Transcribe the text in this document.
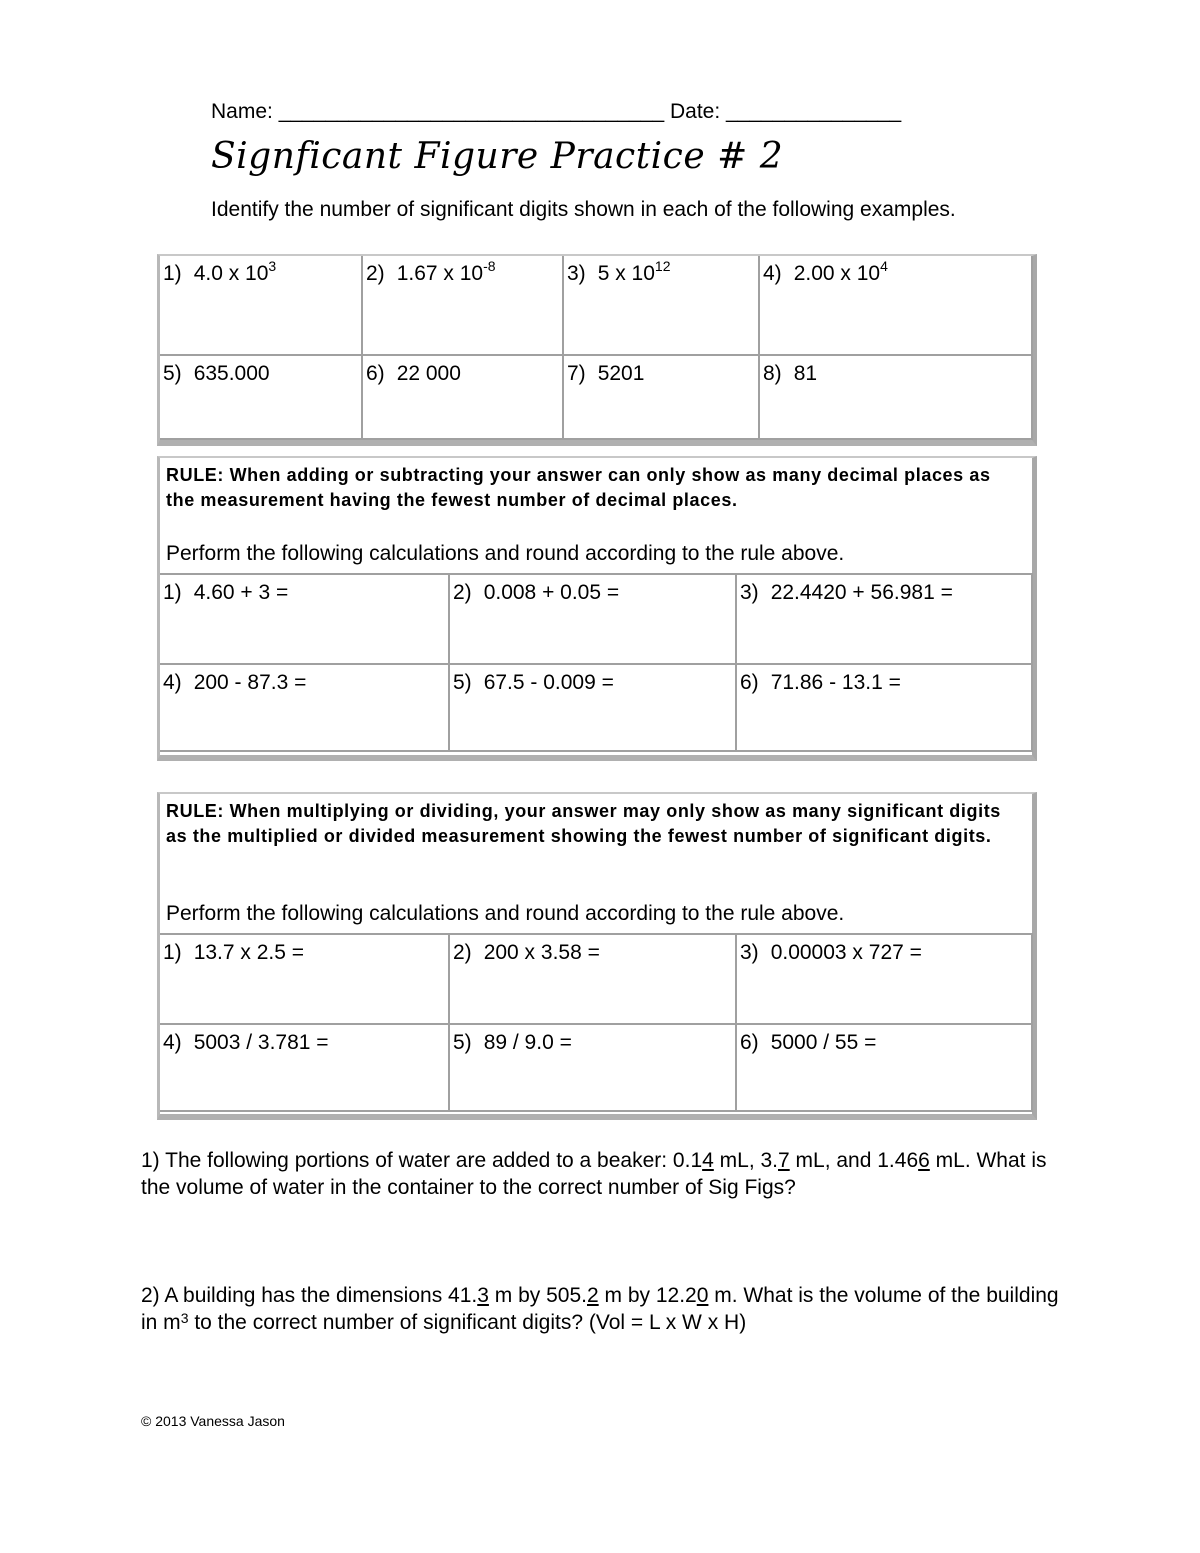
Name: _________________________________ Date: _______________
Signficant Figure Practice # 2
Identify the number of significant digits shown in each of the following examples.
1) 4.0 x $10^3$	2) 1.67 x $10^{-8}$	3) 5 x $10^{12}$	4) 2.00 x $10^4$
5) 635.000	6) 22 000	7) 5201	8) 81
RULE: When adding or subtracting your answer can only show as many decimal places as the measurement having the fewest number of decimal places.
Perform the following calculations and round according to the rule above.
1) 4.60 + 3 =	2) 0.008 + 0.05 =	3) 22.4420 + 56.981 =
4) 200 - 87.3 =	5) 67.5 - 0.009 =	6) 71.86 - 13.1 =
RULE: When multiplying or dividing, your answer may only show as many significant digits as the multiplied or divided measurement showing the fewest number of significant digits.
Perform the following calculations and round according to the rule above.
1) 13.7 x 2.5 =	2) 200 x 3.58 =	3) 0.00003 x 727 =
4) 5003 / 3.781 =	5) 89 / 9.0 =	6) 5000 / 55 =
1) The following portions of water are added to a beaker: 0.14 mL, 3.7 mL, and 1.466 mL. What is the volume of water in the container to the correct number of Sig Figs?
2) A building has the dimensions 41.3 m by 505.2 m by 12.20 m. What is the volume of the building in $m^3$ to the correct number of significant digits? (Vol = L x W x H)
© 2013 Vanessa Jason
